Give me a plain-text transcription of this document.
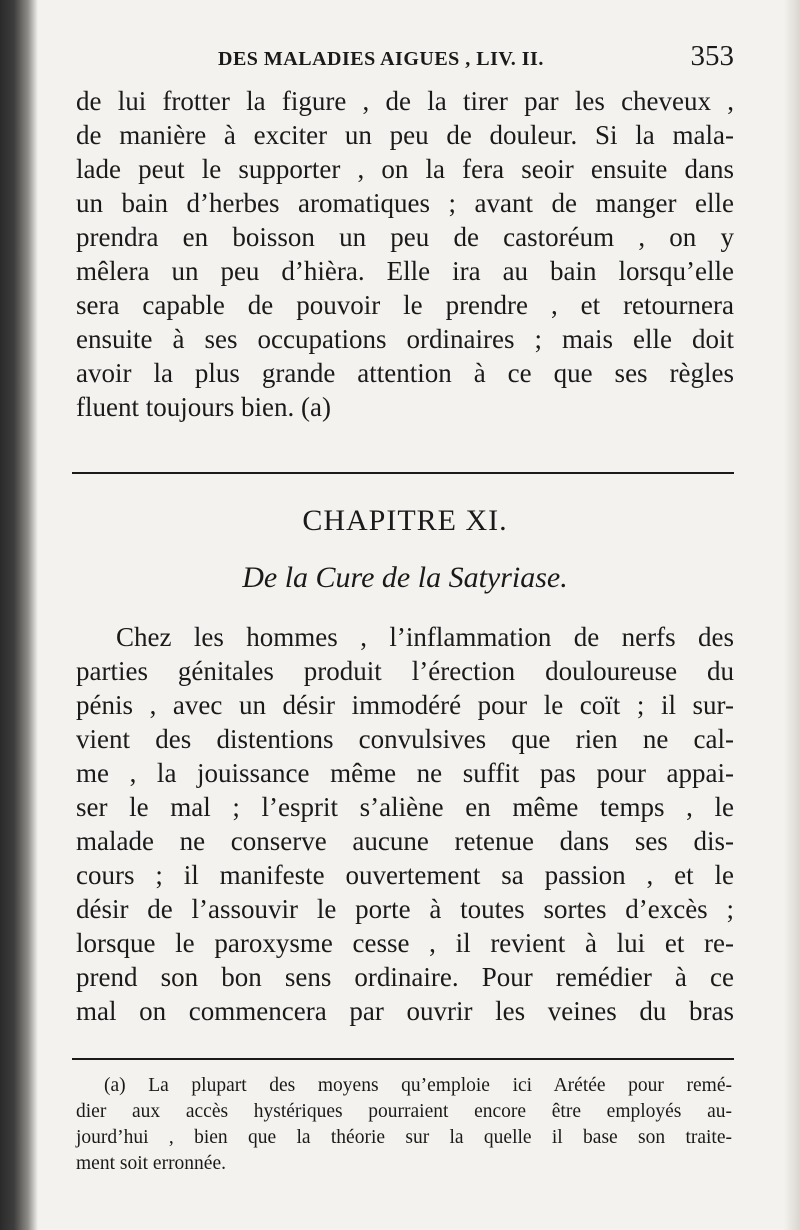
DES MALADIES AIGUES , LIV. II.	353
de lui frotter la figure , de la tirer par les cheveux ,
de manière à exciter un peu de douleur. Si la mala-
lade peut le supporter , on la fera seoir ensuite dans
un bain d’herbes aromatiques ; avant de manger elle
prendra en boisson un peu de castoréum , on y
mêlera un peu d’hièra. Elle ira au bain lorsqu’elle
sera capable de pouvoir le prendre , et retournera
ensuite à ses occupations ordinaires ; mais elle doit
avoir la plus grande attention à ce que ses règles
fluent toujours bien. (a)
CHAPITRE XI.
De la Cure de la Satyriase.
Chez les hommes , l’inflammation de nerfs des
parties génitales produit l’érection douloureuse du
pénis , avec un désir immodéré pour le coït ; il sur-
vient des distentions convulsives que rien ne cal-
me , la jouissance même ne suffit pas pour appai-
ser le mal ; l’esprit s’aliène en même temps , le
malade ne conserve aucune retenue dans ses dis-
cours ; il manifeste ouvertement sa passion , et le
désir de l’assouvir le porte à toutes sortes d’excès ;
lorsque le paroxysme cesse , il revient à lui et re-
prend son bon sens ordinaire. Pour remédier à ce
mal on commencera par ouvrir les veines du bras
(a) La plupart des moyens qu’emploie ici Arétée pour remé-
dier aux accès hystériques pourraient encore être employés au-
jourd’hui , bien que la théorie sur la quelle il base son traite-
ment soit erronnée.
